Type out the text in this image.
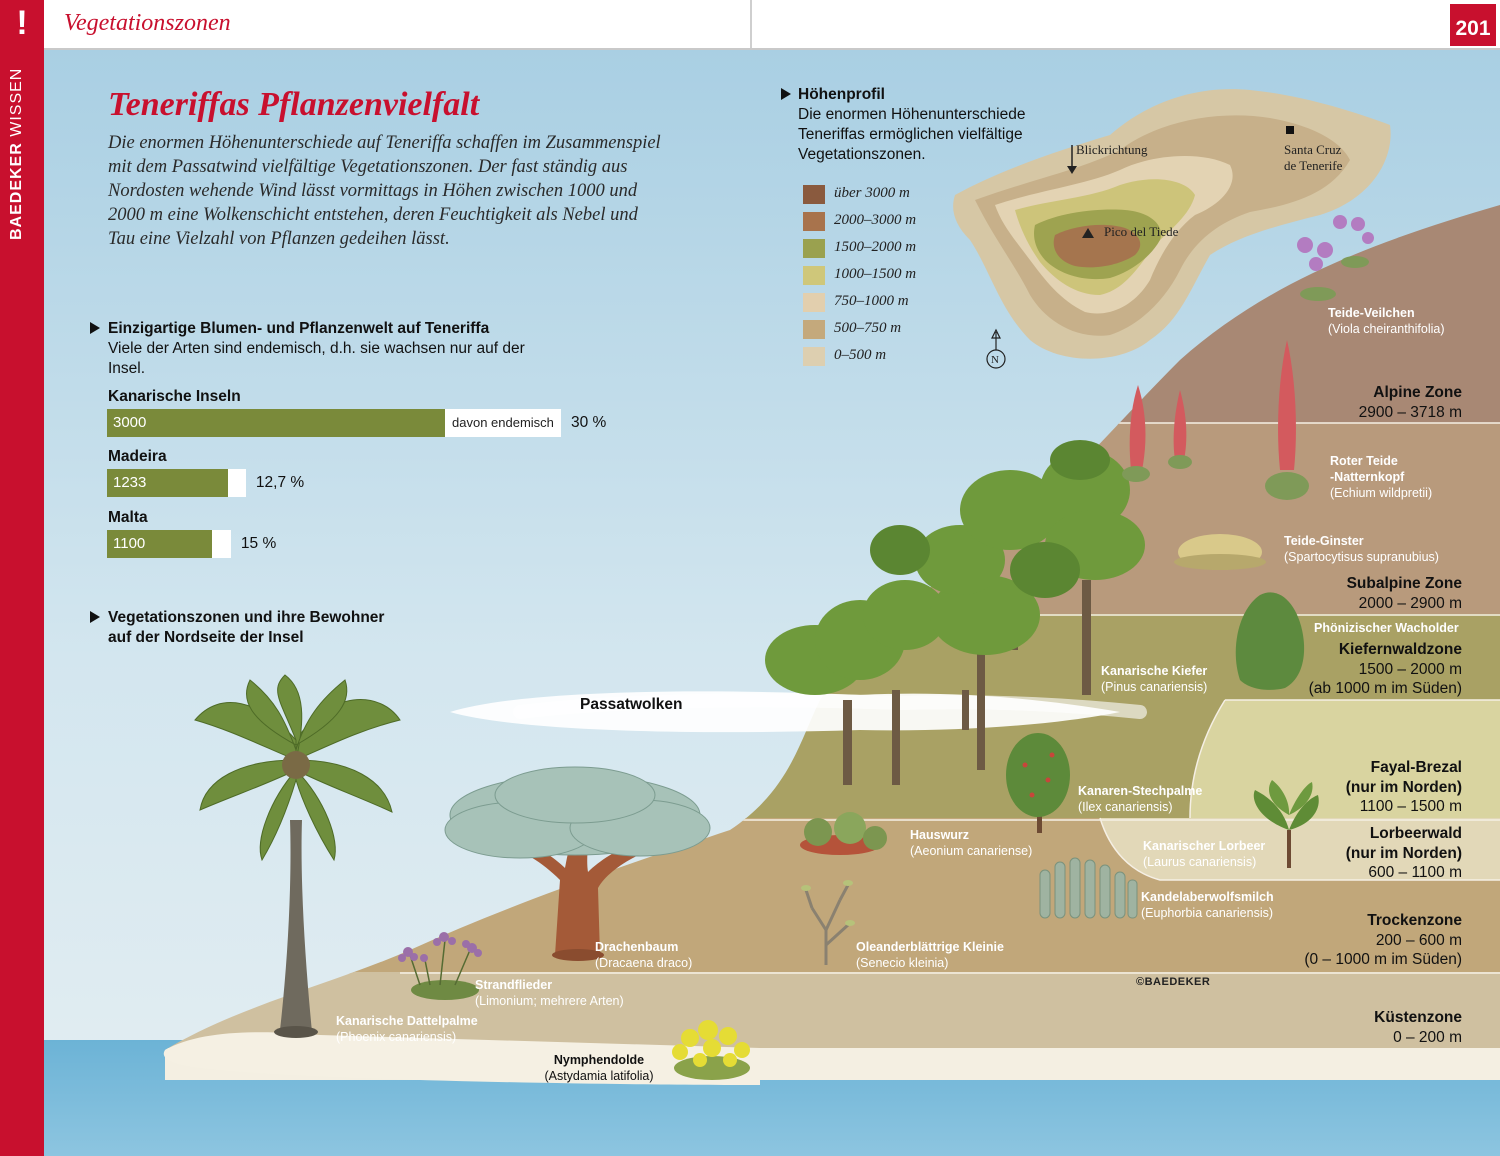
!
BAEDEKER WISSEN
Vegetationszonen	201
Teneriffas Pflanzenvielfalt
Die enormen Höhenunterschiede auf Teneriffa schaffen im Zusammenspiel mit dem Passatwind vielfältige Vegetationszonen. Der fast ständig aus Nordosten wehende Wind lässt vormittags in Höhen zwischen 1000 und 2000 m eine Wolkenschicht entstehen, deren Feuchtigkeit als Nebel und Tau eine Vielzahl von Pflanzen gedeihen lässt.
Einzigartige Blumen- und Pflanzenwelt auf Teneriffa
Viele der Arten sind endemisch, d.h. sie wachsen nur auf der Insel.
Kanarische Inseln
3000	davon endemisch 30 %
Madeira
1233	12,7 %
Malta
1100	15 %
Vegetationszonen und ihre Bewohner
auf der Nordseite der Insel
Höhenprofil
Die enormen Höhenunterschiede Teneriffas ermöglichen vielfältige Vegetationszonen.
über 3000 m
2000–3000 m
1500–2000 m
1000–1500 m
750–1000 m
500–750 m
0–500 m
Blickrichtung	Santa Cruz
de Tenerife
Pico del Tiede
N
Passatwolken
©BAEDEKER
Alpine Zone
2900 – 3718 m
Subalpine Zone
2000 – 2900 m
Kiefernwaldzone
1500 – 2000 m
(ab 1000 m im Süden)
Fayal-Brezal
(nur im Norden)
1100 – 1500 m
Lorbeerwald
(nur im Norden)
600 – 1100 m
Trockenzone
200 – 600 m
(0 – 1000 m im Süden)
Küstenzone
0 – 200 m
Teide-Veilchen
(Viola cheiranthifolia)
Roter Teide
-Natternkopf
(Echium wildpretii)
Teide-Ginster
(Spartocytisus supranubius)
Phönizischer Wacholder
Kanarische Kiefer
(Pinus canariensis)
Kanaren-Stechpalme
(Ilex canariensis)
Hauswurz
(Aeonium canariense)	Kanarischer Lorbeer
(Laurus canariensis)
Kandelaberwolfsmilch
(Euphorbia canariensis)
Oleanderblättrige Kleinie
(Senecio kleinia)
Drachenbaum
(Dracaena draco)
Strandflieder
(Limonium; mehrere Arten)
Kanarische Dattelpalme
(Phoenix canariensis)
Nymphendolde
(Astydamia latifolia)
